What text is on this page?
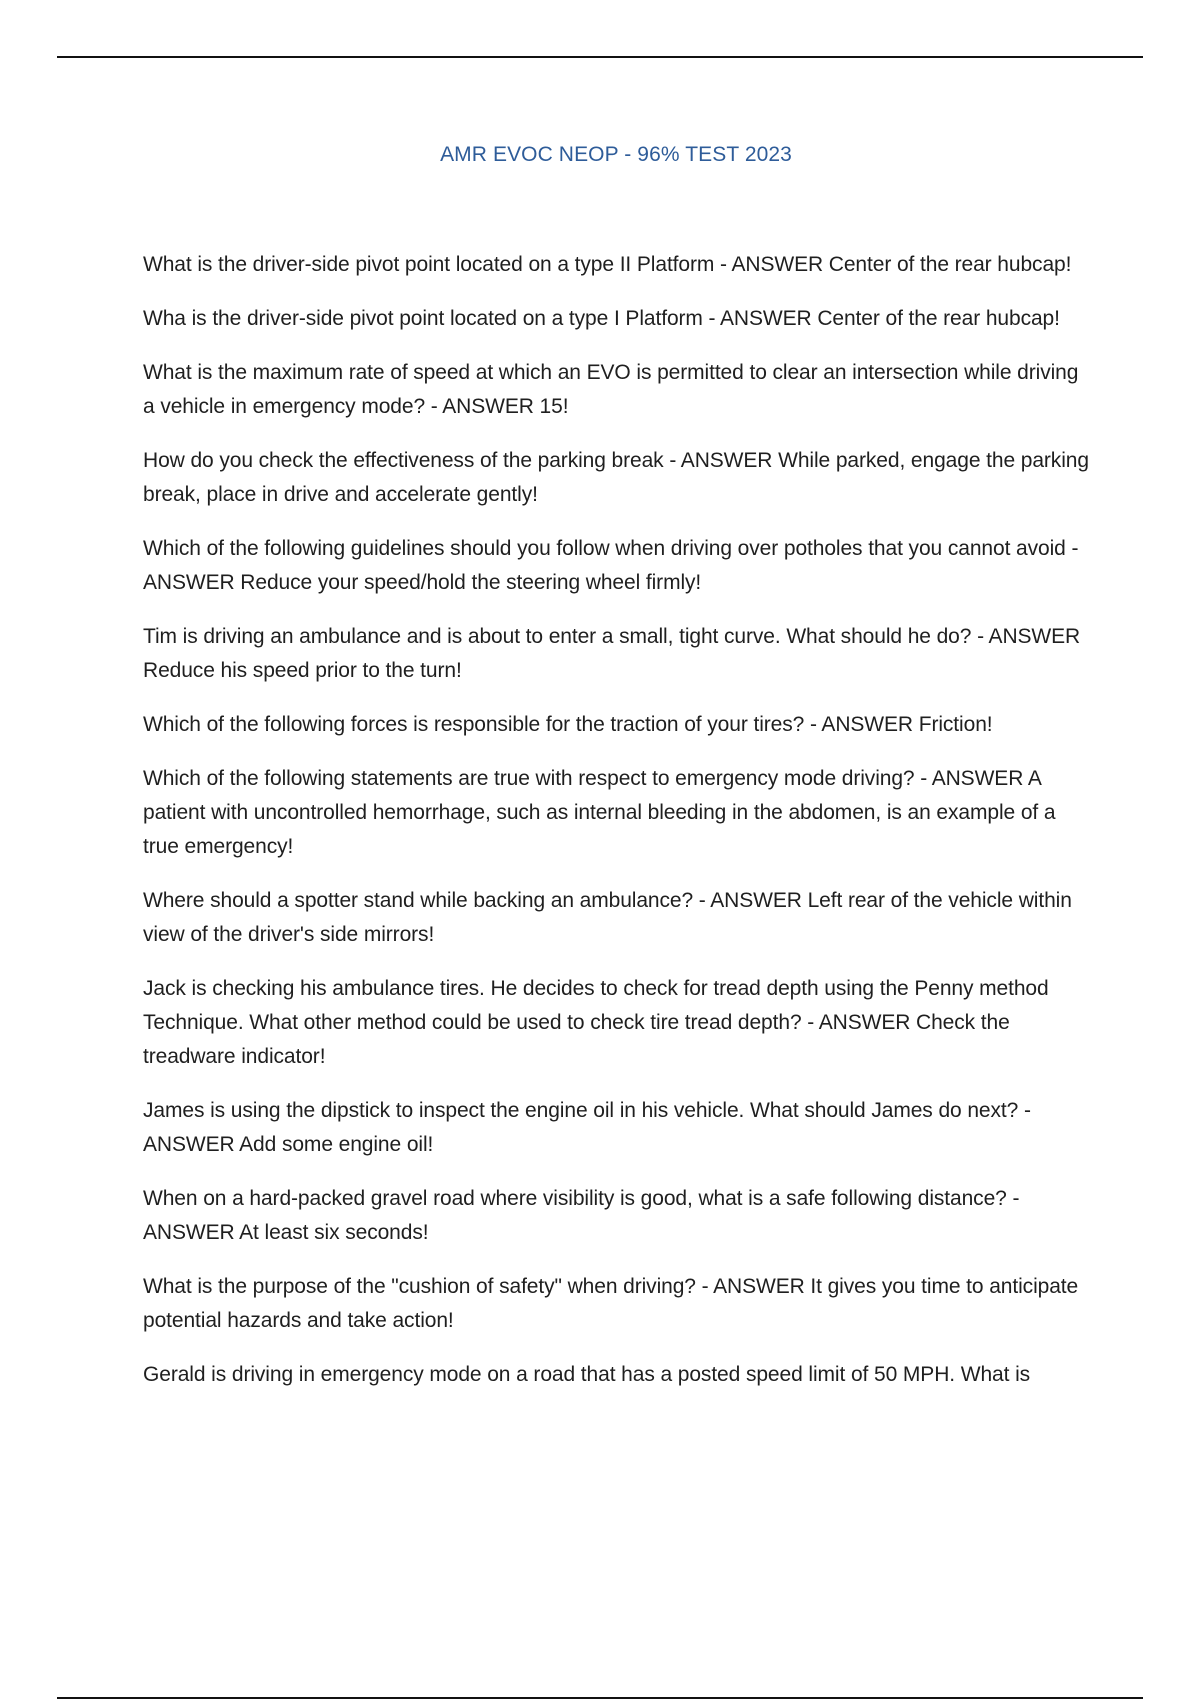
AMR EVOC NEOP - 96% TEST 2023

What is the driver-side pivot point located on a type II Platform - ANSWER Center of the rear hubcap!

Wha is the driver-side pivot point located on a type I Platform - ANSWER Center of the rear hubcap!

What is the maximum rate of speed at which an EVO is permitted to clear an intersection while driving a vehicle in emergency mode? - ANSWER 15!

How do you check the effectiveness of the parking break - ANSWER While parked, engage the parking break, place in drive and accelerate gently!

Which of the following guidelines should you follow when driving over potholes that you cannot avoid - ANSWER Reduce your speed/hold the steering wheel firmly!

Tim is driving an ambulance and is about to enter a small, tight curve. What should he do? - ANSWER Reduce his speed prior to the turn!

Which of the following forces is responsible for the traction of your tires? - ANSWER Friction!

Which of the following statements are true with respect to emergency mode driving? - ANSWER A patient with uncontrolled hemorrhage, such as internal bleeding in the abdomen, is an example of a true emergency!

Where should a spotter stand while backing an ambulance? - ANSWER Left rear of the vehicle within view of the driver's side mirrors!

Jack is checking his ambulance tires. He decides to check for tread depth using the Penny method Technique. What other method could be used to check tire tread depth? - ANSWER Check the treadware indicator!

James is using the dipstick to inspect the engine oil in his vehicle. What should James do next? - ANSWER Add some engine oil!

When on a hard-packed gravel road where visibility is good, what is a safe following distance? - ANSWER At least six seconds!

What is the purpose of the "cushion of safety" when driving? - ANSWER It gives you time to anticipate potential hazards and take action!

Gerald is driving in emergency mode on a road that has a posted speed limit of 50 MPH. What is
